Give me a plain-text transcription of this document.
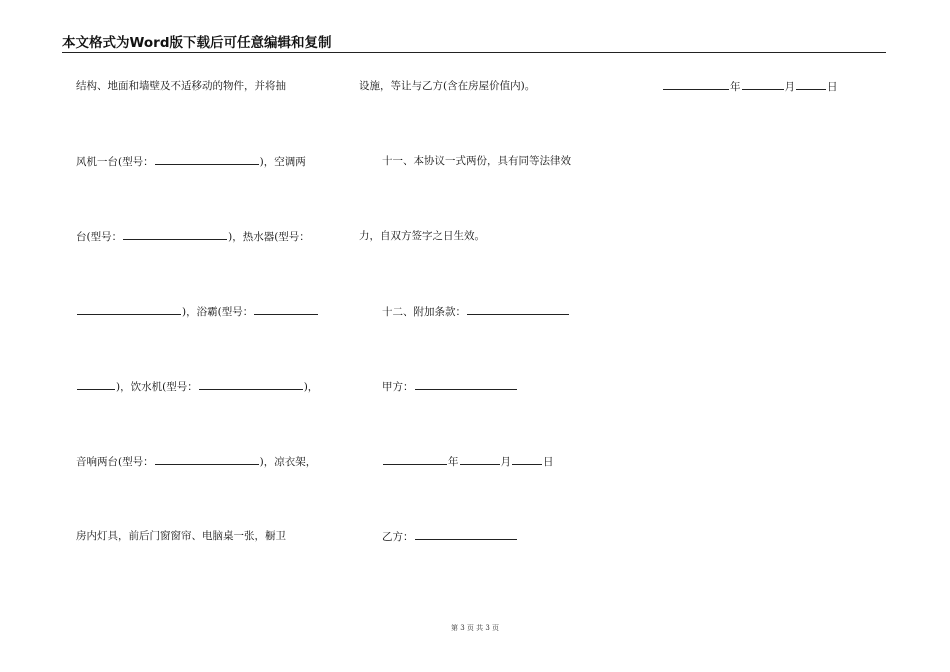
本文格式为Word版下载后可任意编辑和复制
结构、地面和墙壁及不适移动的物件，并将抽
风机一台(型号：	)，空调两
台(型号：	)，热水器(型号：
)，浴霸(型号：
)，饮水机(型号：	)，
音响两台(型号：	)，凉衣架，
房内灯具，前后门窗窗帘、电脑桌一张，橱卫
设施，等让与乙方(含在房屋价值内)。
十一、本协议一式两份，具有同等法律效
力，自双方签字之日生效。
十二、附加条款：
甲方：
年	月	日
乙方：
年	月	日
第 3 页 共 3 页
